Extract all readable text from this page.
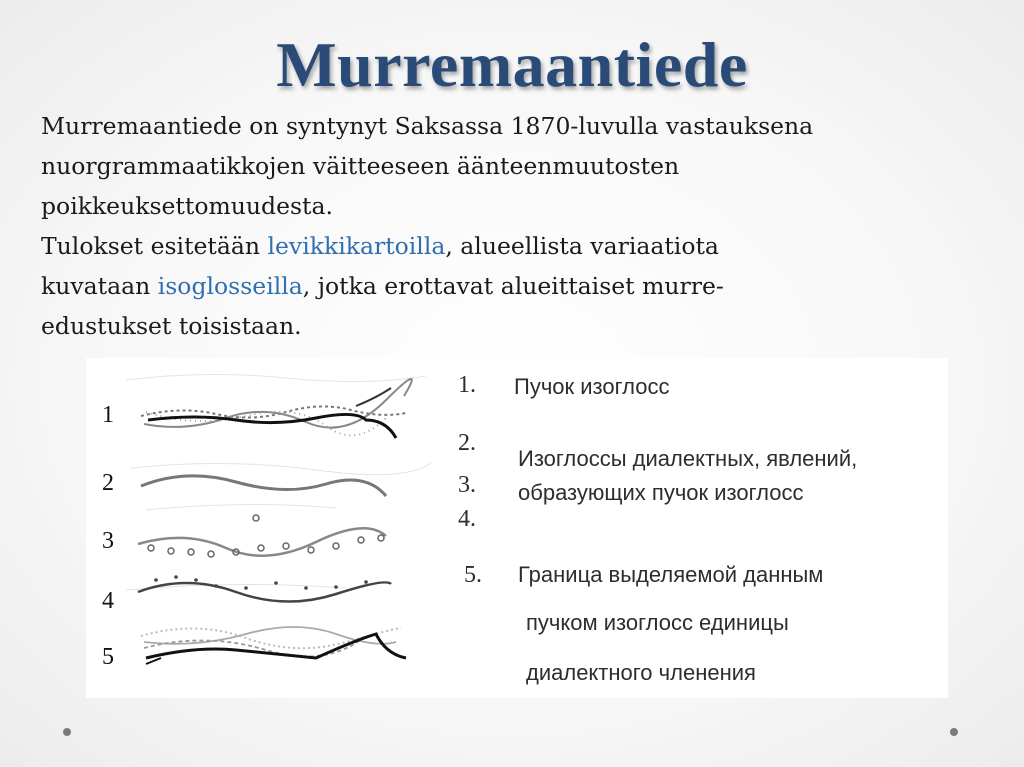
Murremaantiede
Murremaantiede on syntynyt Saksassa 1870-luvulla vastauksena
nuorgrammaatikkojen väitteeseen äänteenmuutosten
poikkeuksettomuudesta.
Tulokset esitetään levikkikartoilla, alueellista variaatiota
kuvataan isoglosseilla, jotka erottavat alueittaiset murre-
edustukset toisistaan.
1
2
3
4
5
1. Пучок изоглосс
2.
3.
4.
Изоглоссы диалектных, явлений,
образующих пучок изоглосс
5. Граница выделяемой данным
пучком изоглосс единицы
диалектного членения
